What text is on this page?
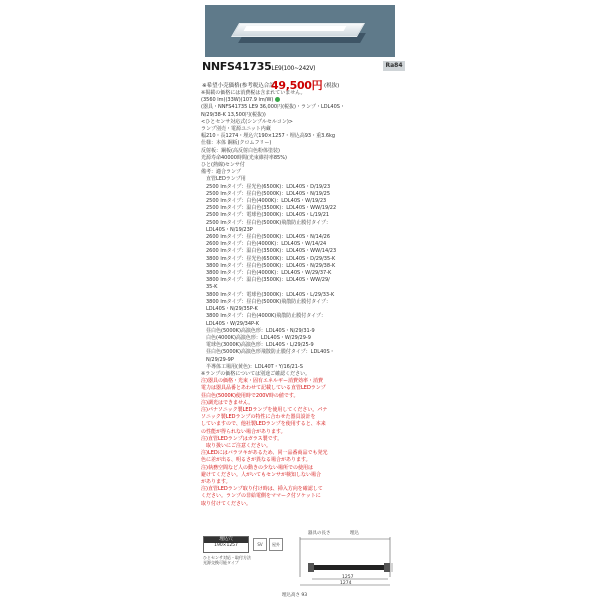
NNFS41735LE9(100~242V)	Ra84
※希望小売価格(参考税込合計)
49,500円 (税抜)
※掲載の価格には消費税は含まれていません。
(3560 lm)(33W)(107.9 lm/W)
(器具・NNFS41735 LE9 36,000円(税抜)・ランプ・LDL40S・
N/29/38-K 13,500円(税抜))
<ひとセンサ対応式(シンプルセルコン)>
ランプ別売・電源ユニット内蔵
幅210・長1274・埋込穴190×1257・埋込高93・重3.6kg
仕様：本体 鋼板(クロムフリー)
反射板：鋼板(高反射白色粉体塗装)
光源寿命40000時間(光束維持率85%)
ひと(熱線)センサ付
備考：適合ランプ
　直管LEDランプ用
　2500 lmタイプ：昼光色(6500K)：LDL40S・D/19/23
　2500 lmタイプ：昼白色(5000K)：LDL40S・N/19/25
　2500 lmタイプ：白色(4000K)：LDL40S・W/19/23
　2500 lmタイプ：温白色(3500K)：LDL40S・WW/19/22
　2500 lmタイプ：電球色(3000K)：LDL40S・L/19/21
　2500 lmタイプ：昼白色(5000K)飛散防止膜付タイプ：
　LDL40S・N/19/23P
　2600 lmタイプ：昼白色(5000K)：LDL40S・N/14/26
　2600 lmタイプ：白色(4000K)：LDL40S・W/14/24
　2600 lmタイプ：温白色(3500K)：LDL40S・WW/14/23
　3800 lmタイプ：昼光色(6500K)：LDL40S・D/29/35-K
　3800 lmタイプ：昼白色(5000K)：LDL40S・N/29/38-K
　3800 lmタイプ：白色(4000K)：LDL40S・W/29/37-K
　3800 lmタイプ：温白色(3500K)：LDL40S・WW/29/
　35-K
　3800 lmタイプ：電球色(3000K)：LDL40S・L/29/33-K
　3800 lmタイプ：昼白色(5000K)飛散防止膜付タイプ：
　LDL40S・N/29/35P-K
　3800 lmタイプ：白色(4000K)飛散防止膜付タイプ：
　LDL40S・W/29/34P-K
　昼白色(5000K)高演色形：LDL40S・N/29/31-9
　白色(4000K)高演色形：LDL40S・W/29/29-9
　電球色(3000K)高演色形：LDL40S・L/29/25-9
　昼白色(5000K)高演色形飛散防止膜付タイプ：LDL40S・
　N/29/29-9P
　半導体工場用(黄色)：LDL40T・Y/16/21-S
※ランプの価格については別途ご確認ください。
注)器具の価格・光束・固有エネルギー消費効率・消費
電力は器具品番とあわせて記載している直管LEDランプ
昼白色(5000K)使用時で200V時の値です。
注)調光はできません。
注)パナソニック製LEDランプを使用してください。パナ
ソニック製LEDランプの特性に合わせた器具設計を
していますので、他社製LEDランプを使用すると、本来
の性能が得られない場合があります。
注)直管LEDランプはガラス製です。
　取り扱いにご注意ください。
注)LEDにはバラツキがあるため、同一品番商品でも発光
色に差が出る、明るさが異なる場合があります。
注)執務空間など人の動きの少ない場所での使用は
避けてください。人がいてもセンサが検知しない場合
があります。
注)直管LEDランプ取り付け時は、挿入方向を確認して
ください。ランプの非給電側をママーク付ソケットに
取り付けてください。
埋込穴
190×1257	SV	屋外
ひとセンサ対応・取付方法
光源交換可能タイプ
器具の長さ	埋込
1257
1274
埋込高さ 93
